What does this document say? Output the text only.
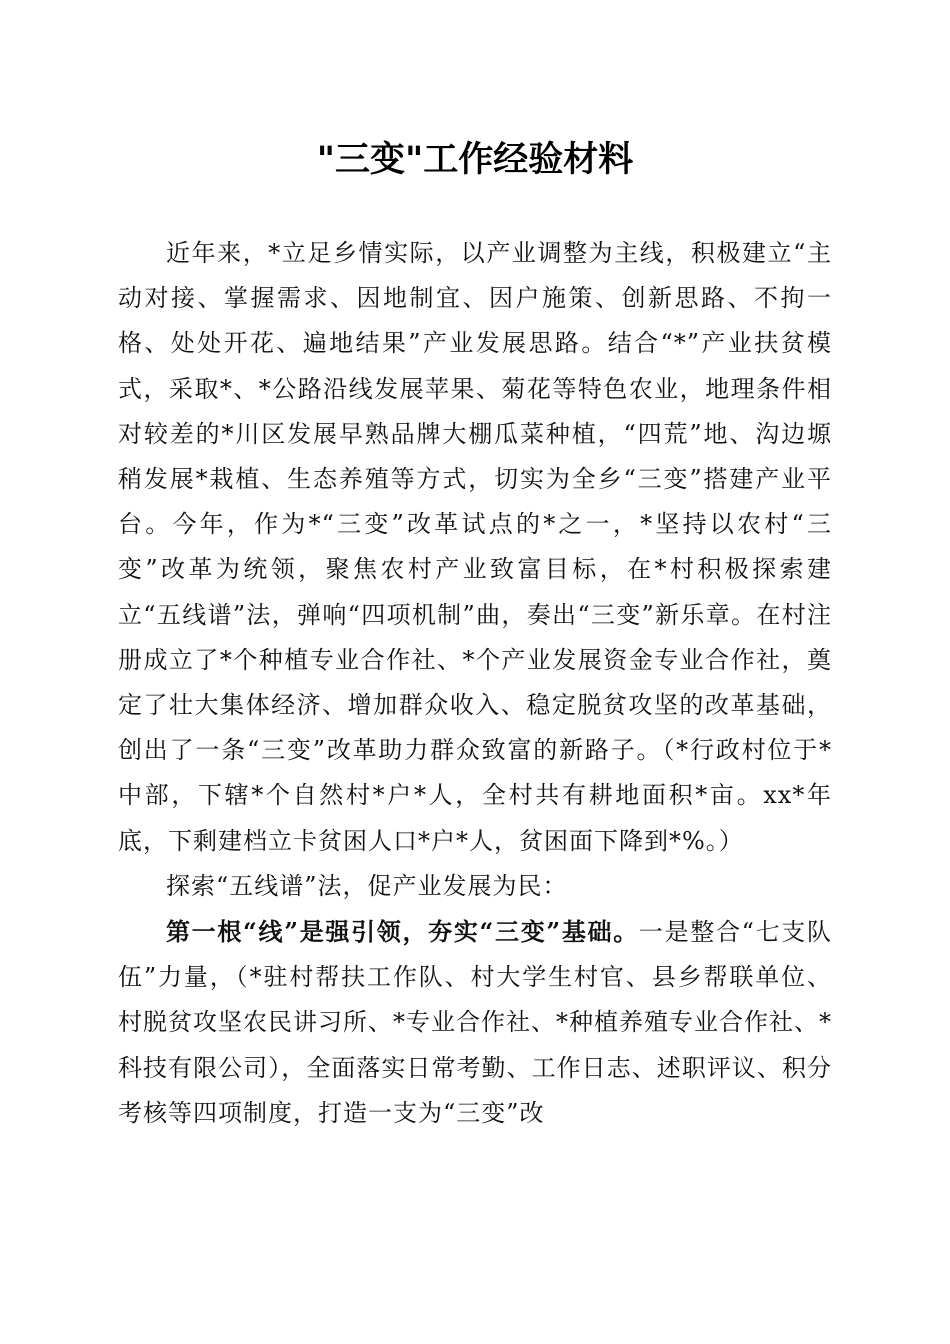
"三变"工作经验材料

近年来，*立足乡情实际，以产业调整为主线，积极建立“主动对接、掌握需求、因地制宜、因户施策、创新思路、不拘一格、处处开花、遍地结果”产业发展思路。结合“*”产业扶贫模式，采取*、*公路沿线发展苹果、菊花等特色农业，地理条件相对较差的*川区发展早熟品牌大棚瓜菜种植，“四荒”地、沟边塬稍发展*栽植、生态养殖等方式，切实为全乡“三变”搭建产业平台。今年，作为*“三变”改革试点的*之一，*坚持以农村“三变”改革为统领，聚焦农村产业致富目标，在*村积极探索建立“五线谱”法，弹响“四项机制”曲，奏出“三变”新乐章。在村注册成立了*个种植专业合作社、*个产业发展资金专业合作社，奠定了壮大集体经济、增加群众收入、稳定脱贫攻坚的改革基础，创出了一条“三变”改革助力群众致富的新路子。（*行政村位于*中部，下辖*个自然村*户*人，全村共有耕地面积*亩。xx*年底，下剩建档立卡贫困人口*户*人，贫困面下降到*%。）

探索“五线谱”法，促产业发展为民：

第一根“线”是强引领，夯实“三变”基础。一是整合“七支队伍”力量，（*驻村帮扶工作队、村大学生村官、县乡帮联单位、村脱贫攻坚农民讲习所、*专业合作社、*种植养殖专业合作社、*科技有限公司），全面落实日常考勤、工作日志、述职评议、积分考核等四项制度，打造一支为“三变”改
